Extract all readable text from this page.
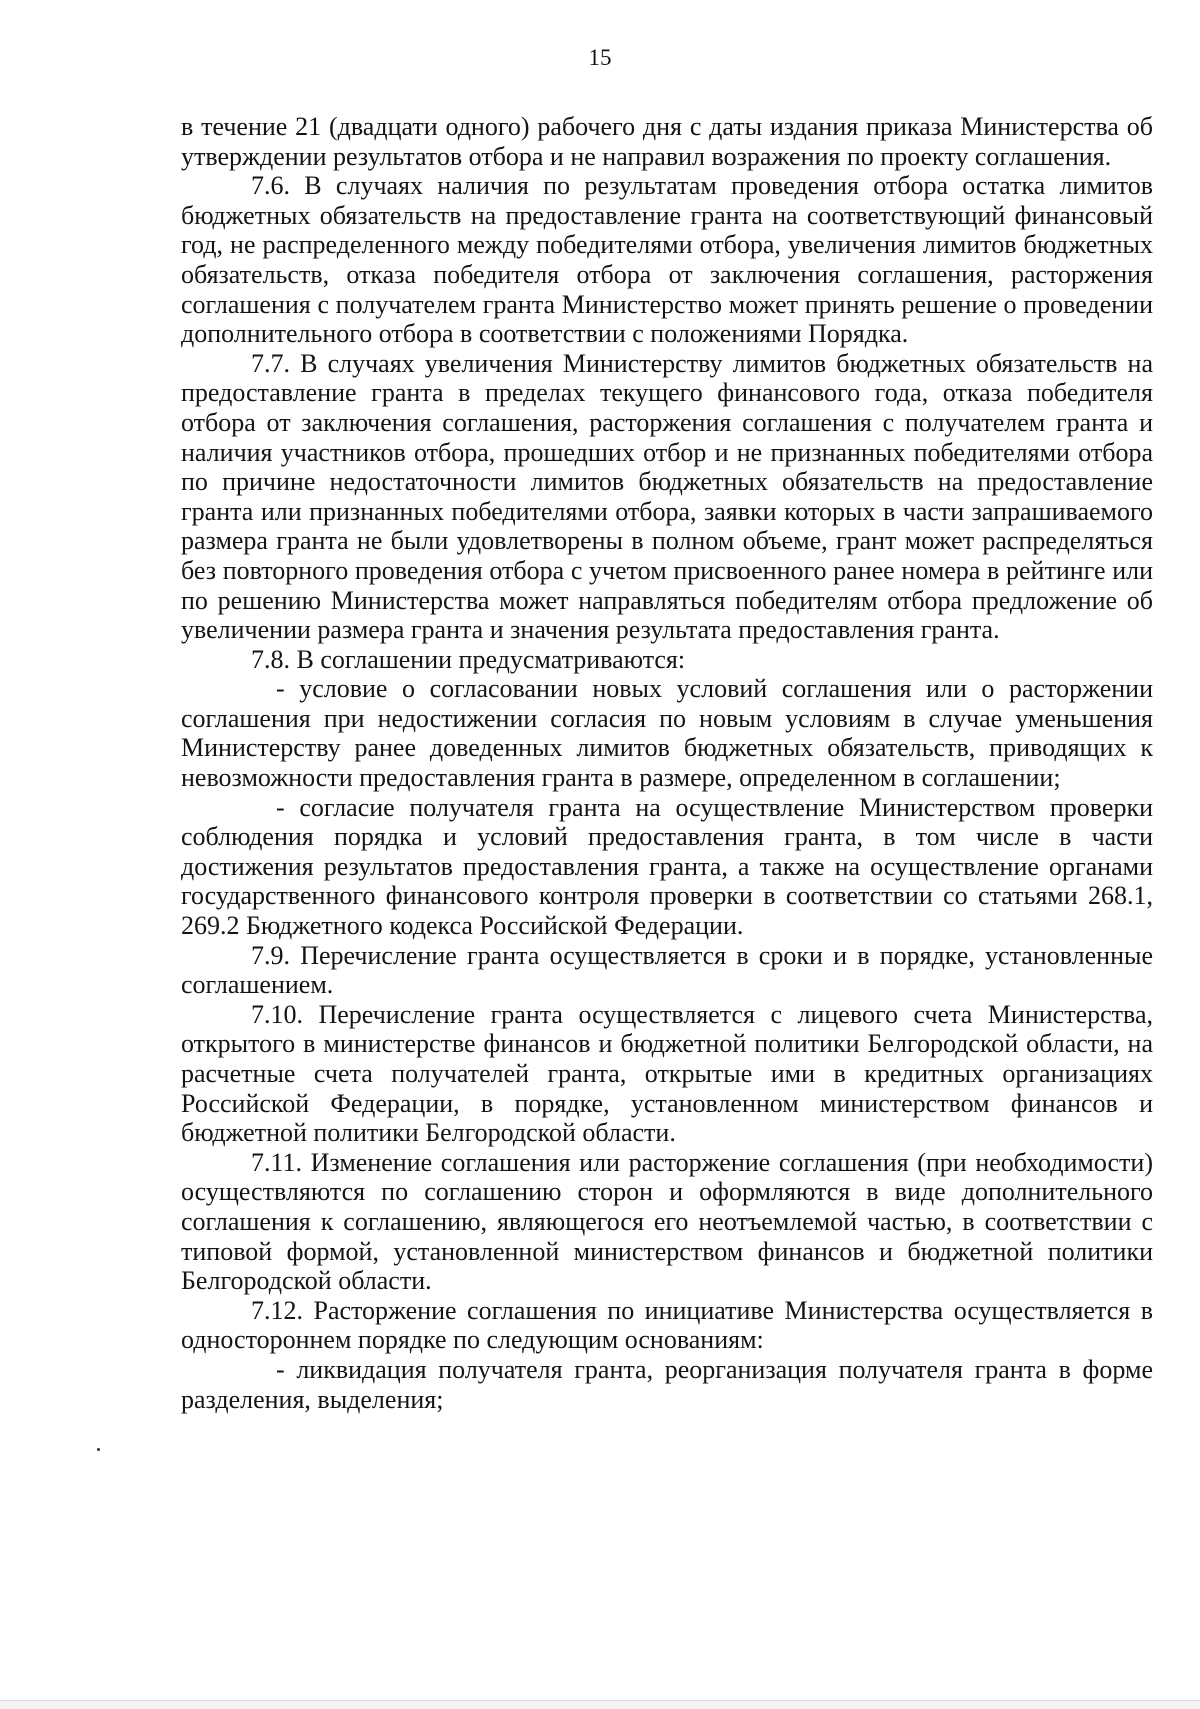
15

в течение 21 (двадцати одного) рабочего дня с даты издания приказа Министерства об утверждении результатов отбора и не направил возражения по проекту соглашения.

7.6. В случаях наличия по результатам проведения отбора остатка лимитов бюджетных обязательств на предоставление гранта на соответствующий финансовый год, не распределенного между победителями отбора, увеличения лимитов бюджетных обязательств, отказа победителя отбора от заключения соглашения, расторжения соглашения с получателем гранта Министерство может принять решение о проведении дополнительного отбора в соответствии с положениями Порядка.

7.7. В случаях увеличения Министерству лимитов бюджетных обязательств на предоставление гранта в пределах текущего финансового года, отказа победителя отбора от заключения соглашения, расторжения соглашения с получателем гранта и наличия участников отбора, прошедших отбор и не признанных победителями отбора по причине недостаточности лимитов бюджетных обязательств на предоставление гранта или признанных победителями отбора, заявки которых в части запрашиваемого размера гранта не были удовлетворены в полном объеме, грант может распределяться без повторного проведения отбора с учетом присвоенного ранее номера в рейтинге или по решению Министерства может направляться победителям отбора предложение об увеличении размера гранта и значения результата предоставления гранта.

7.8. В соглашении предусматриваются:

- условие о согласовании новых условий соглашения или о расторжении соглашения при недостижении согласия по новым условиям в случае уменьшения Министерству ранее доведенных лимитов бюджетных обязательств, приводящих к невозможности предоставления гранта в размере, определенном в соглашении;

- согласие получателя гранта на осуществление Министерством проверки соблюдения порядка и условий предоставления гранта, в том числе в части достижения результатов предоставления гранта, а также на осуществление органами государственного финансового контроля проверки в соответствии со статьями 268.1, 269.2 Бюджетного кодекса Российской Федерации.

7.9. Перечисление гранта осуществляется в сроки и в порядке, установленные соглашением.

7.10. Перечисление гранта осуществляется с лицевого счета Министерства, открытого в министерстве финансов и бюджетной политики Белгородской области, на расчетные счета получателей гранта, открытые ими в кредитных организациях Российской Федерации, в порядке, установленном министерством финансов и бюджетной политики Белгородской области.

7.11. Изменение соглашения или расторжение соглашения (при необходимости) осуществляются по соглашению сторон и оформляются в виде дополнительного соглашения к соглашению, являющегося его неотъемлемой частью, в соответствии с типовой формой, установленной министерством финансов и бюджетной политики Белгородской области.

7.12. Расторжение соглашения по инициативе Министерства осуществляется в одностороннем порядке по следующим основаниям:

- ликвидация получателя гранта, реорганизация получателя гранта в форме разделения, выделения;
